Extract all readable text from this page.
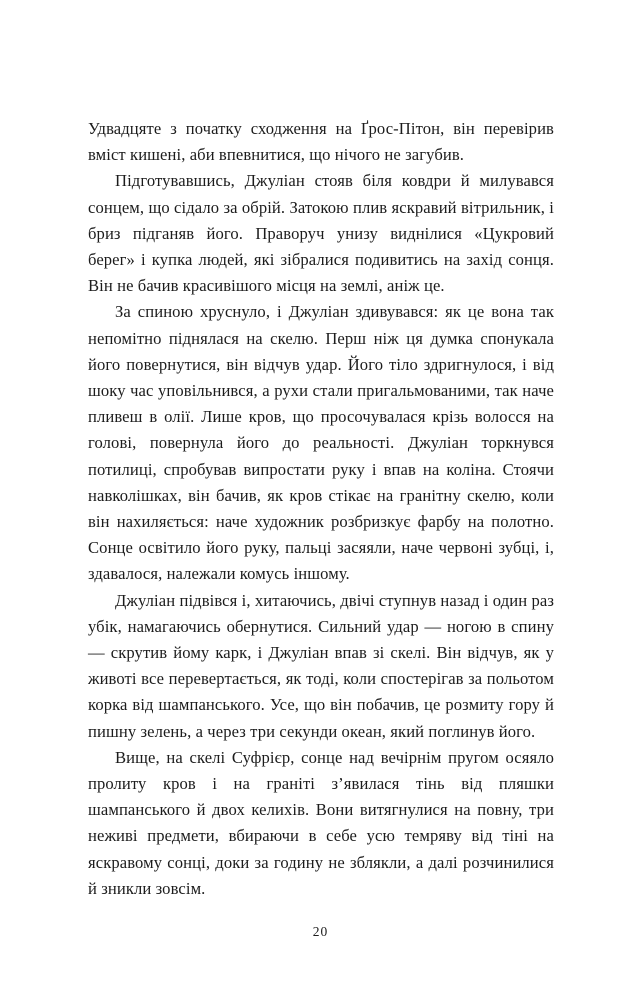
Удвадцяте з початку сходження на Ґрос-Пітон, він перевірив вміст кишені, аби впевнитися, що нічого не загубив.

Підготувавшись, Джуліан стояв біля ковдри й милувався сонцем, що сідало за обрій. Затокою плив яскравий вітрильник, і бриз підганяв його. Праворуч унизу виднілися «Цукровий берег» і купка людей, які зібралися подивитись на захід сонця. Він не бачив красивішого місця на землі, аніж це.

За спиною хруснуло, і Джуліан здивувався: як це вона так непомітно піднялася на скелю. Перш ніж ця думка спонукала його повернутися, він відчув удар. Його тіло здригнулося, і від шоку час уповільнився, а рухи стали пригальмованими, так наче пливеш в олії. Лише кров, що просочувалася крізь волосся на голові, повернула його до реальності. Джуліан торкнувся потилиці, спробував випростати руку і впав на коліна. Стоячи навколішках, він бачив, як кров стікає на гранітну скелю, коли він нахиляється: наче художник розбризкує фарбу на полотно. Сонце освітило його руку, пальці засяяли, наче червоні зубці, і, здавалося, належали комусь іншому.

Джуліан підвівся і, хитаючись, двічі ступнув назад і один раз убік, намагаючись обернутися. Сильний удар — ногою в спину — скрутив йому карк, і Джуліан впав зі скелі. Він відчув, як у животі все перевертається, як тоді, коли спостерігав за польотом корка від шампанського. Усе, що він побачив, це розмиту гору й пишну зелень, а через три секунди океан, який поглинув його.

Вище, на скелі Суфрієр, сонце над вечірнім пругом осяяло пролиту кров і на граніті з’явилася тінь від пляшки шампанського й двох келихів. Вони витягнулися на повну, три неживі предмети, вбираючи в себе усю темряву від тіні на яскравому сонці, доки за годину не зблякли, а далі розчинилися й зникли зовсім.

20
